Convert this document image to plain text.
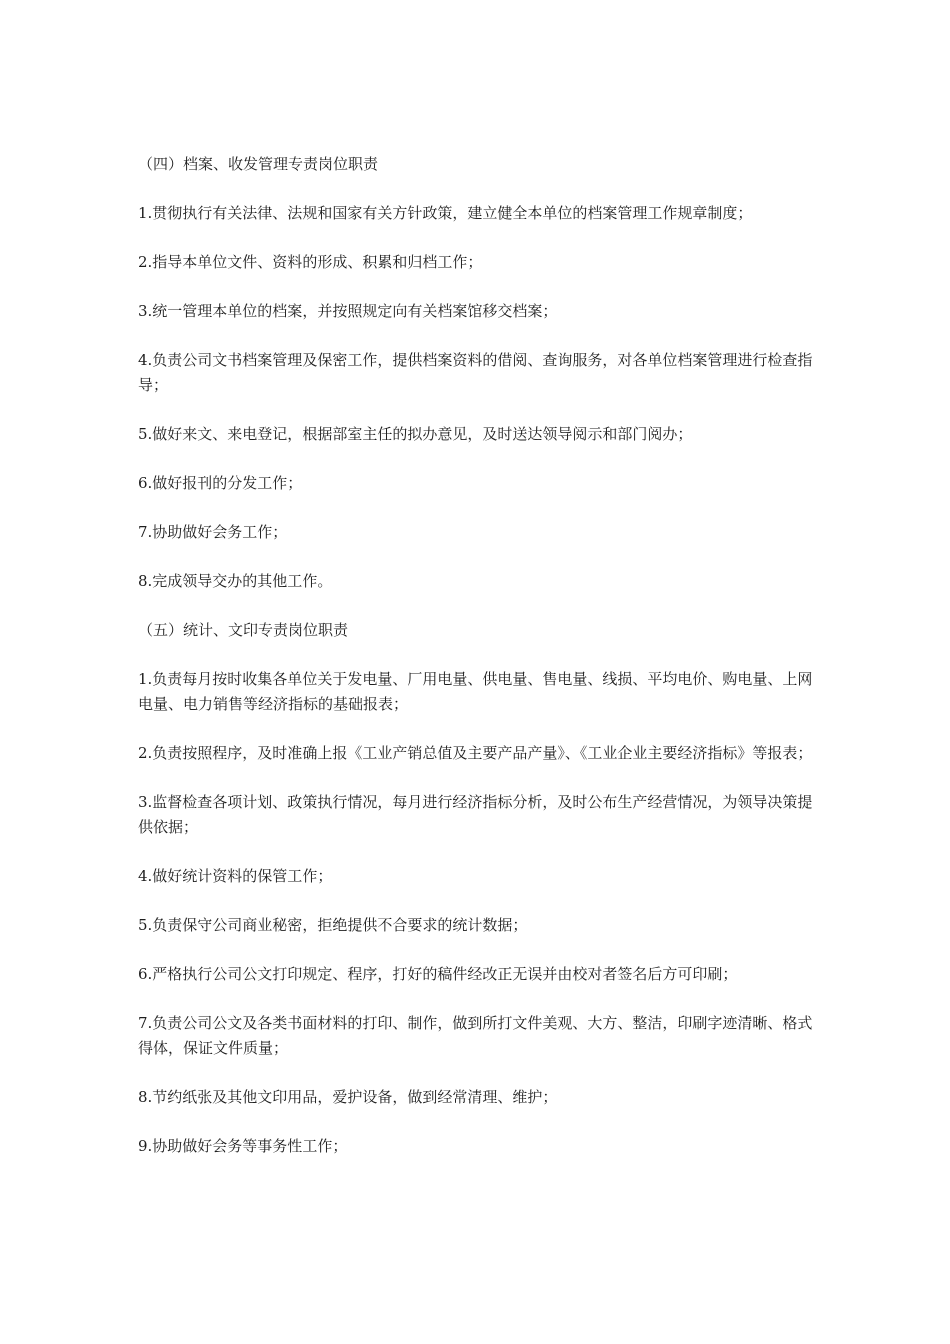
（四）档案、收发管理专责岗位职责

1.贯彻执行有关法律、法规和国家有关方针政策，建立健全本单位的档案管理工作规章制度；

2.指导本单位文件、资料的形成、积累和归档工作；

3.统一管理本单位的档案，并按照规定向有关档案馆移交档案；

4.负责公司文书档案管理及保密工作，提供档案资料的借阅、查询服务，对各单位档案管理进行检查指导；

5.做好来文、来电登记，根据部室主任的拟办意见，及时送达领导阅示和部门阅办；

6.做好报刊的分发工作；

7.协助做好会务工作；

8.完成领导交办的其他工作。

（五）统计、文印专责岗位职责

1.负责每月按时收集各单位关于发电量、厂用电量、供电量、售电量、线损、平均电价、购电量、上网电量、电力销售等经济指标的基础报表；

2.负责按照程序，及时准确上报《工业产销总值及主要产品产量》、《工业企业主要经济指标》等报表；

3.监督检查各项计划、政策执行情况，每月进行经济指标分析，及时公布生产经营情况，为领导决策提供依据；

4.做好统计资料的保管工作；

5.负责保守公司商业秘密，拒绝提供不合要求的统计数据；

6.严格执行公司公文打印规定、程序，打好的稿件经改正无误并由校对者签名后方可印刷；

7.负责公司公文及各类书面材料的打印、制作，做到所打文件美观、大方、整洁，印刷字迹清晰、格式得体，保证文件质量；

8.节约纸张及其他文印用品，爱护设备，做到经常清理、维护；

9.协助做好会务等事务性工作；
